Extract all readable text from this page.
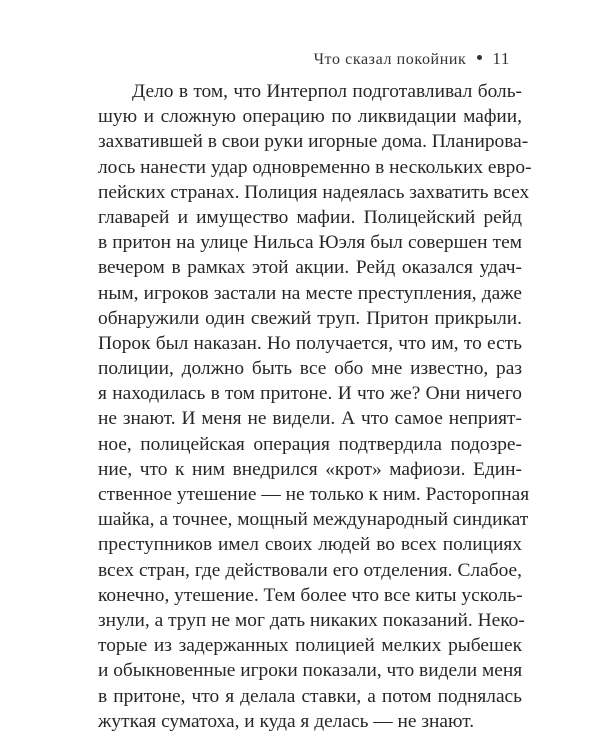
Что сказал покойник 11
Дело в том, что Интерпол подготавливал боль-
шую и сложную операцию по ликвидации мафии,
захватившей в свои руки игорные дома. Планирова-
лось нанести удар одновременно в нескольких евро-
пейских странах. Полиция надеялась захватить всех
главарей и имущество мафии. Полицейский рейд
в притон на улице Нильса Юэля был совершен тем
вечером в рамках этой акции. Рейд оказался удач-
ным, игроков застали на месте преступления, даже
обнаружили один свежий труп. Притон прикрыли.
Порок был наказан. Но получается, что им, то есть
полиции, должно быть все обо мне известно, раз
я находилась в том притоне. И что же? Они ничего
не знают. И меня не видели. А что самое неприят-
ное, полицейская операция подтвердила подозре-
ние, что к ним внедрился «крот» мафиози. Един-
ственное утешение — не только к ним. Расторопная
шайка, а точнее, мощный международный синдикат
преступников имел своих людей во всех полициях
всех стран, где действовали его отделения. Слабое,
конечно, утешение. Тем более что все киты усколь-
знули, а труп не мог дать никаких показаний. Неко-
торые из задержанных полицией мелких рыбешек
и обыкновенные игроки показали, что видели меня
в притоне, что я делала ставки, а потом поднялась
жуткая суматоха, и куда я делась — не знают.
